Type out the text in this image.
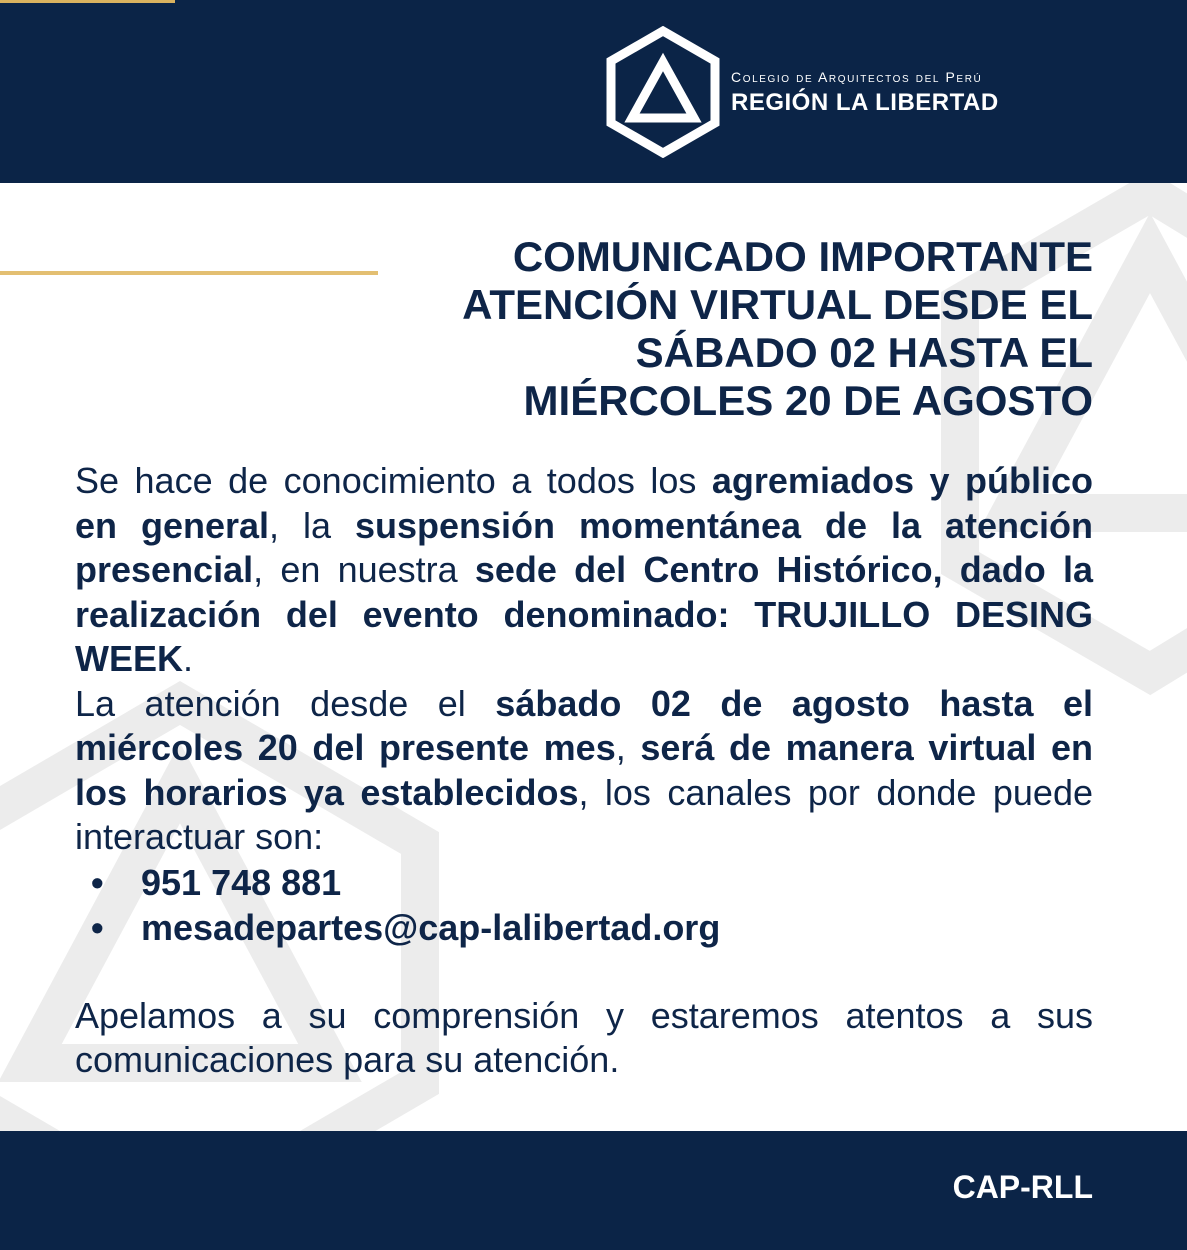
Colegio de Arquitectos del Perú
REGIÓN LA LIBERTAD
COMUNICADO IMPORTANTE
ATENCIÓN VIRTUAL DESDE EL
SÁBADO 02 HASTA EL
MIÉRCOLES 20 DE AGOSTO

Se hace de conocimiento a todos los agremiados y público en general, la suspensión momentánea de la atención presencial, en nuestra sede del Centro Histórico, dado la realización del evento denominado: TRUJILLO DESING WEEK.

La atención desde el sábado 02 de agosto hasta el miércoles 20 del presente mes, será de manera virtual en los horarios ya establecidos, los canales por donde puede interactuar son:

• 951 748 881
• mesadepartes@cap-lalibertad.org

Apelamos a su comprensión y estaremos atentos a sus comunicaciones para su atención.

CAP-RLL
